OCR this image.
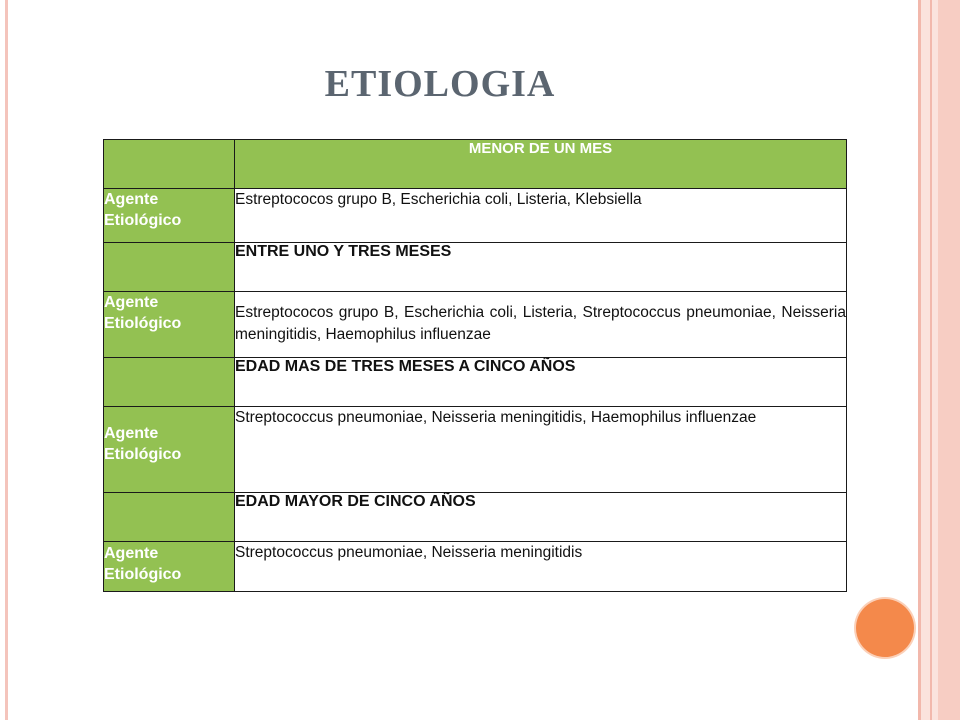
ETIOLOGIA
	MENOR DE UN MES

Agente
Etiológico	Estreptococos grupo B, Escherichia coli, Listeria, Klebsiella
	ENTRE UNO Y TRES MESES

Agente
Etiológico	Estreptococos grupo B, Escherichia coli, Listeria, Streptococcus pneumoniae, Neisseria meningitidis, Haemophilus influenzae
	EDAD MAS DE TRES MESES A CINCO AÑOS

Agente
Etiológico	Streptococcus pneumoniae, Neisseria meningitidis, Haemophilus influenzae
	EDAD MAYOR DE CINCO AÑOS

Agente
Etiológico	Streptococcus pneumoniae, Neisseria meningitidis
